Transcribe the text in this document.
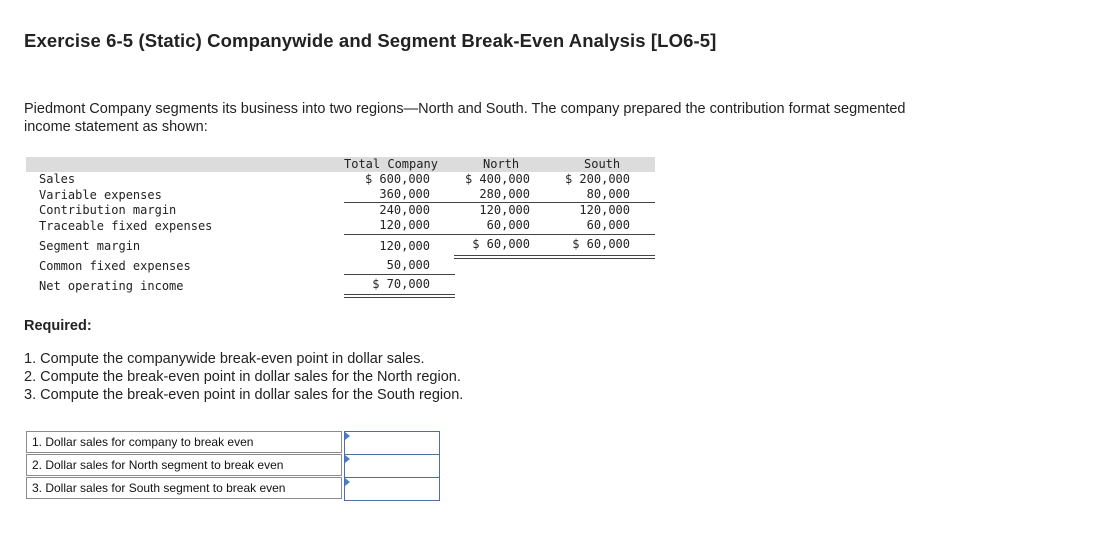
Exercise 6-5 (Static) Companywide and Segment Break-Even Analysis [LO6-5]

Piedmont Company segments its business into two regions—North and South. The company prepared the contribution format segmented income statement as shown:

Total Company	North	South
Sales	$ 600,000	$ 400,000	$ 200,000
Variable expenses	360,000	280,000	80,000
Contribution margin	240,000	120,000	120,000
Traceable fixed expenses	120,000	60,000	60,000
Segment margin	120,000	$ 60,000	$ 60,000
Common fixed expenses	50,000
Net operating income	$ 70,000

Required:

1. Compute the companywide break-even point in dollar sales.
2. Compute the break-even point in dollar sales for the North region.
3. Compute the break-even point in dollar sales for the South region.
1. Dollar sales for company to break even
2. Dollar sales for North segment to break even
3. Dollar sales for South segment to break even
